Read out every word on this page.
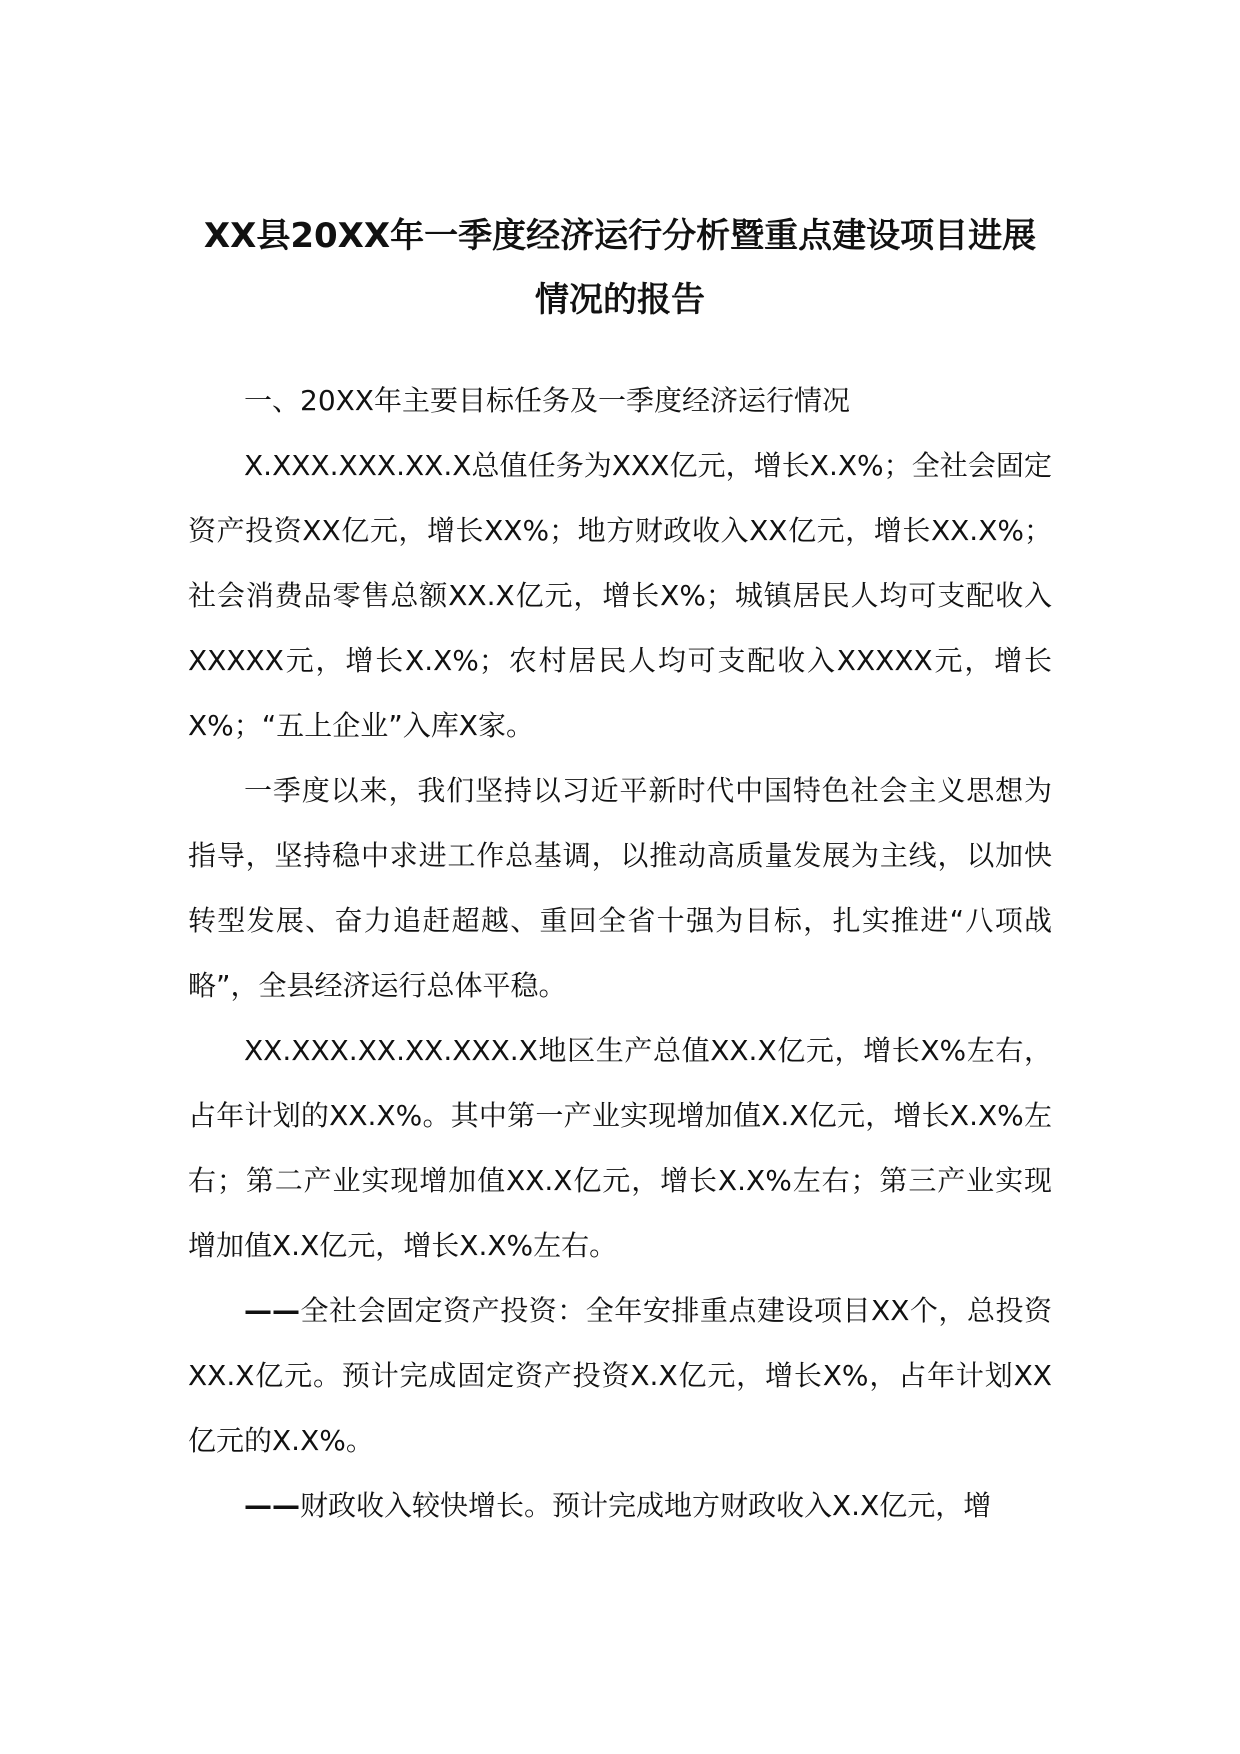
XX县20XX年一季度经济运行分析暨重点建设项目进展
情况的报告

一、20XX年主要目标任务及一季度经济运行情况

X.XXX.XXX.XX.X总值任务为XXX亿元，增长X.X%；全社会固定资产投资XX亿元，增长XX%；地方财政收入XX亿元，增长XX.X%；社会消费品零售总额XX.X亿元，增长X%；城镇居民人均可支配收入XXXXX元，增长X.X%；农村居民人均可支配收入XXXXX元，增长X%；“五上企业”入库X家。

一季度以来，我们坚持以习近平新时代中国特色社会主义思想为指导，坚持稳中求进工作总基调，以推动高质量发展为主线，以加快转型发展、奋力追赶超越、重回全省十强为目标，扎实推进“八项战略”，全县经济运行总体平稳。

XX.XXX.XX.XX.XXX.X地区生产总值XX.X亿元，增长X%左右，占年计划的XX.X%。其中第一产业实现增加值X.X亿元，增长X.X%左右；第二产业实现增加值XX.X亿元，增长X.X%左右；第三产业实现增加值X.X亿元，增长X.X%左右。

——全社会固定资产投资：全年安排重点建设项目XX个，总投资XX.X亿元。预计完成固定资产投资X.X亿元，增长X%，占年计划XX亿元的X.X%。

——财政收入较快增长。预计完成地方财政收入X.X亿元，增
